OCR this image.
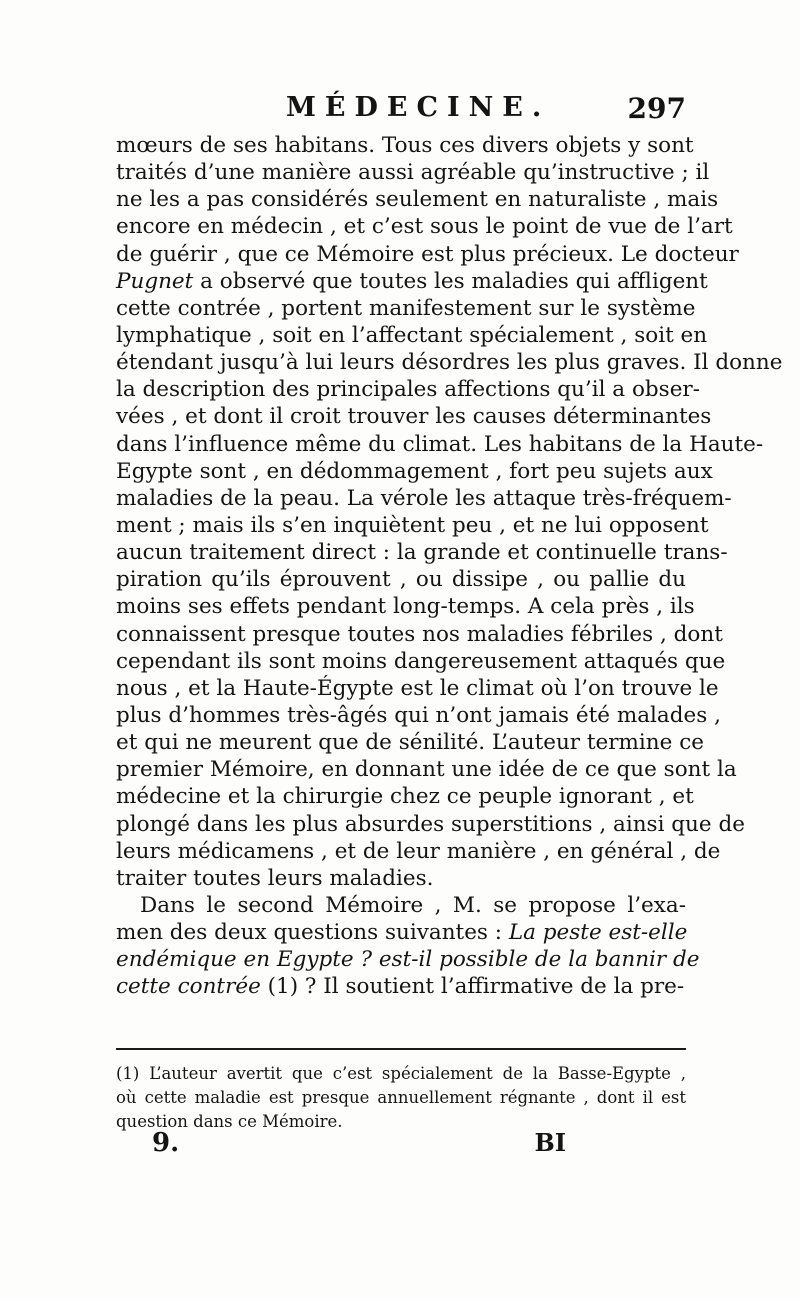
MÉDECINE.	297
mœurs de ses habitans. Tous ces divers objets y sont
traités d’une manière aussi agréable qu’instructive ; il
ne les a pas considérés seulement en naturaliste , mais
encore en médecin , et c’est sous le point de vue de l’art
de guérir , que ce Mémoire est plus précieux. Le docteur
Pugnet a observé que toutes les maladies qui affligent
cette contrée , portent manifestement sur le système
lymphatique , soit en l’affectant spécialement , soit en
étendant jusqu’à lui leurs désordres les plus graves. Il donne
la description des principales affections qu’il a obser-
vées , et dont il croit trouver les causes déterminantes
dans l’influence même du climat. Les habitans de la Haute-
Egypte sont , en dédommagement , fort peu sujets aux
maladies de la peau. La vérole les attaque très-fréquem-
ment ; mais ils s’en inquiètent peu , et ne lui opposent
aucun traitement direct : la grande et continuelle trans-
piration qu’ils éprouvent , ou dissipe , ou pallie du
moins ses effets pendant long-temps. A cela près , ils
connaissent presque toutes nos maladies fébriles , dont
cependant ils sont moins dangereusement attaqués que
nous , et la Haute-Égypte est le climat où l’on trouve le
plus d’hommes très-âgés qui n’ont jamais été malades ,
et qui ne meurent que de sénilité. L’auteur termine ce
premier Mémoire, en donnant une idée de ce que sont la
médecine et la chirurgie chez ce peuple ignorant , et
plongé dans les plus absurdes superstitions , ainsi que de
leurs médicamens , et de leur manière , en général , de
traiter toutes leurs maladies.
Dans le second Mémoire , M. se propose l’exa-
men des deux questions suivantes : La peste est-elle
endémique en Egypte ? est-il possible de la bannir de
cette contrée (1) ? Il soutient l’affirmative de la pre-
(1) L’auteur avertit que c’est spécialement de la Basse-Egypte ,
où cette maladie est presque annuellement régnante , dont il est
question dans ce Mémoire.
9.	BI
